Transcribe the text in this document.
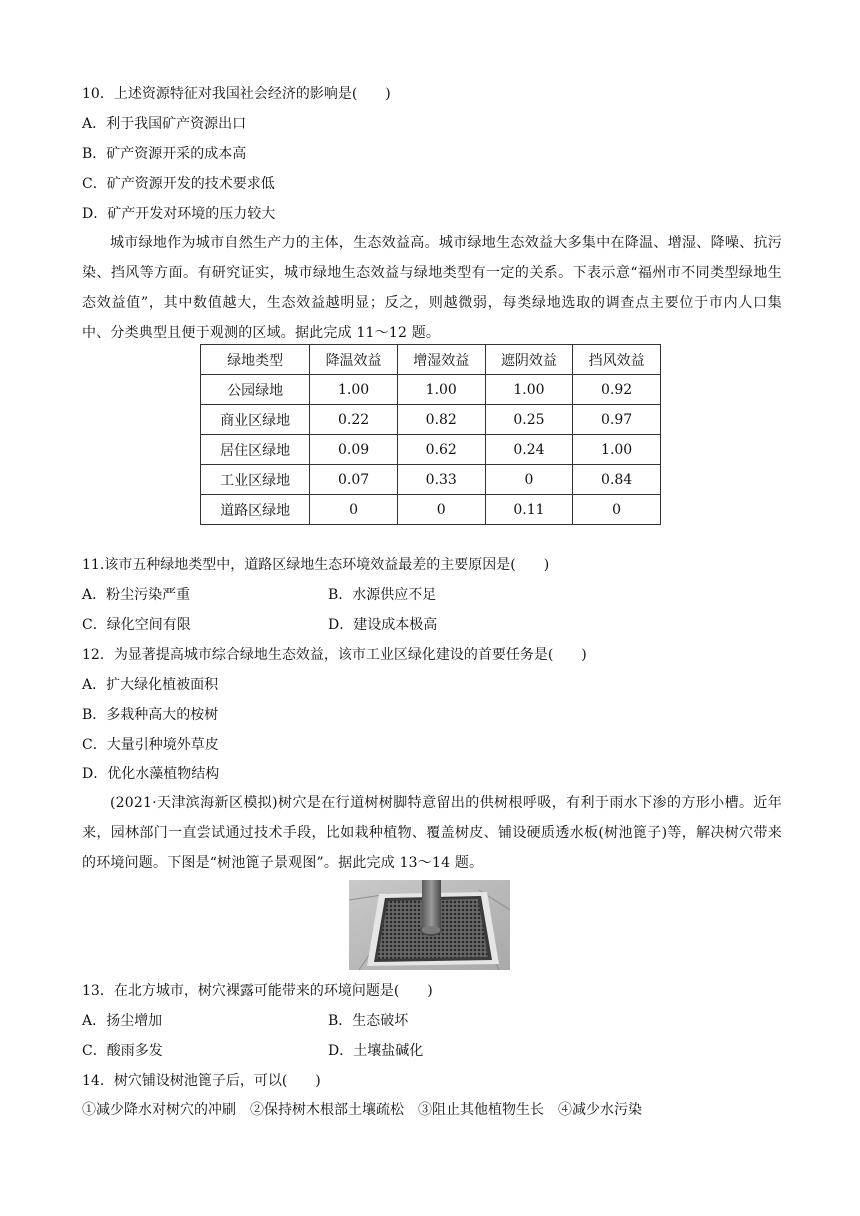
10．上述资源特征对我国社会经济的影响是(　　)
A．利于我国矿产资源出口
B．矿产资源开采的成本高
C．矿产资源开发的技术要求低
D．矿产开发对环境的压力较大
城市绿地作为城市自然生产力的主体，生态效益高。城市绿地生态效益大多集中在降温、增湿、降噪、抗污染、挡风等方面。有研究证实，城市绿地生态效益与绿地类型有一定的关系。下表示意“福州市不同类型绿地生态效益值”，其中数值越大，生态效益越明显；反之，则越微弱，每类绿地选取的调查点主要位于市内人口集中、分类典型且便于观测的区域。据此完成 11～12 题。
绿地类型	降温效益	增湿效益	遮阴效益	挡风效益
公园绿地	1.00	1.00	1.00	0.92
商业区绿地	0.22	0.82	0.25	0.97
居住区绿地	0.09	0.62	0.24	1.00
工业区绿地	0.07	0.33	0	0.84
道路区绿地	0	0	0.11	0
11.该市五种绿地类型中，道路区绿地生态环境效益最差的主要原因是(　　)
A．粉尘污染严重	B．水源供应不足
C．绿化空间有限	D．建设成本极高
12．为显著提高城市综合绿地生态效益，该市工业区绿化建设的首要任务是(　　)
A．扩大绿化植被面积
B．多栽种高大的桉树
C．大量引种境外草皮
D．优化水藻植物结构
(2021·天津滨海新区模拟)树穴是在行道树树脚特意留出的供树根呼吸，有利于雨水下渗的方形小槽。近年来，园林部门一直尝试通过技术手段，比如栽种植物、覆盖树皮、铺设硬质透水板(树池篦子)等，解决树穴带来的环境问题。下图是“树池篦子景观图”。据此完成 13～14 题。
13．在北方城市，树穴裸露可能带来的环境问题是(　　)
A．扬尘增加	B．生态破坏
C．酸雨多发	D．土壤盐碱化
14．树穴铺设树池篦子后，可以(　　)
①减少降水对树穴的冲刷　②保持树木根部土壤疏松　③阻止其他植物生长　④减少水污染
